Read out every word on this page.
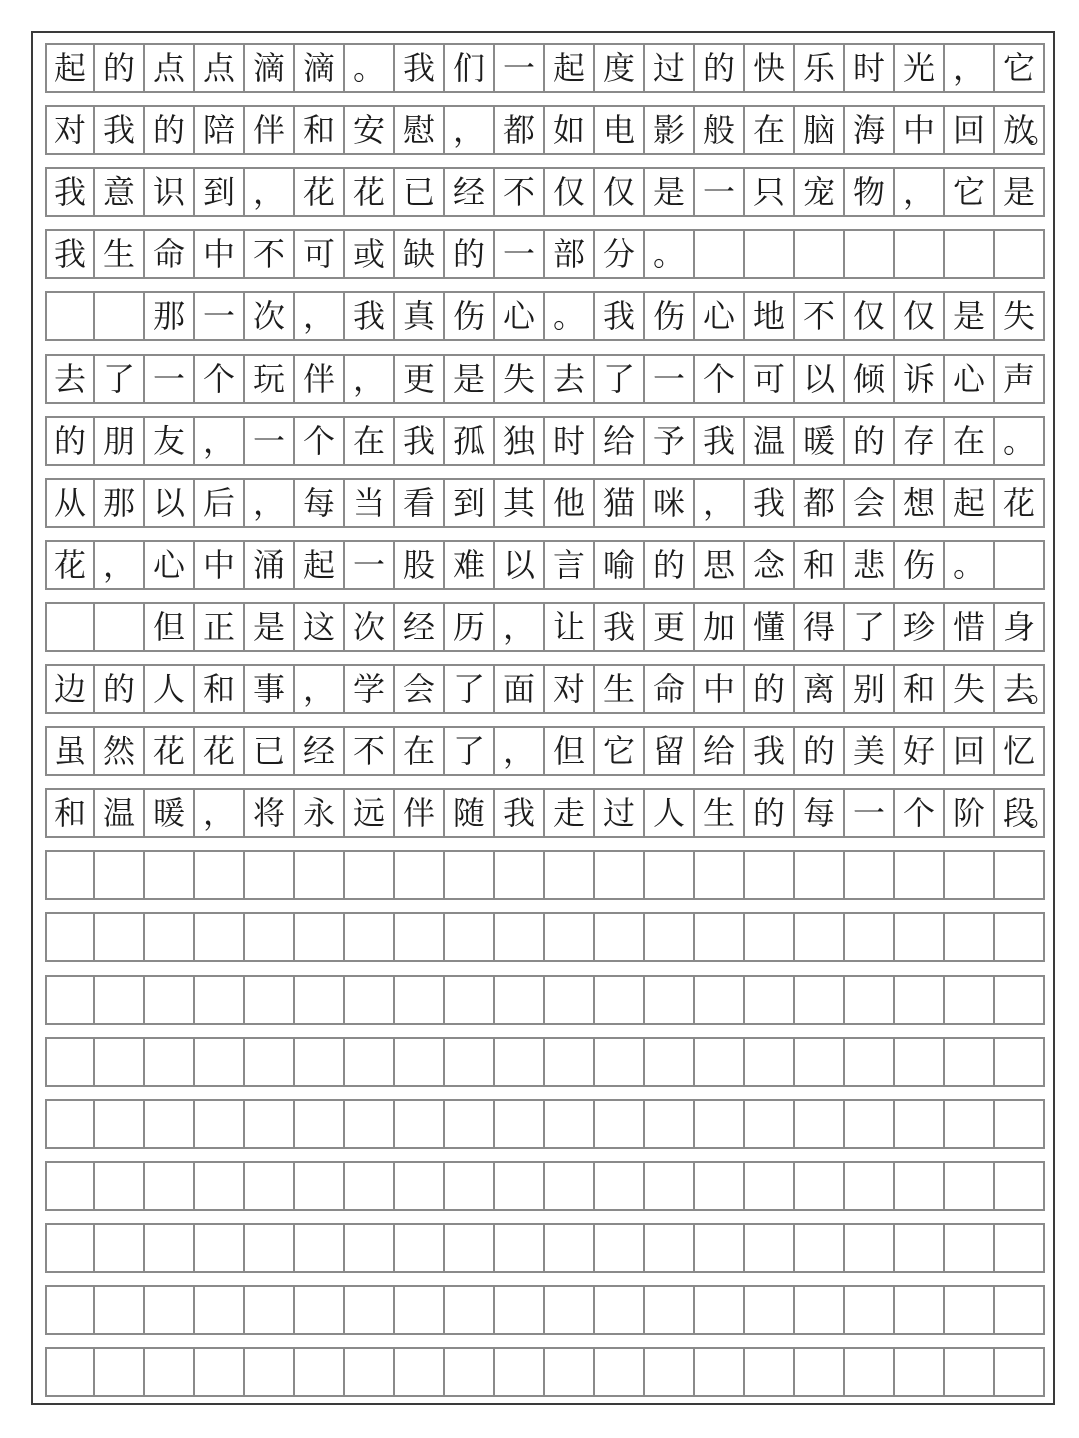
起 的 点 点 滴 滴 。 我 们 一 起 度 过 的 快 乐 时 光 ， 它
对 我 的 陪 伴 和 安 慰 ， 都 如 电 影 般 在 脑 海 中 回 放
。
我 意 识 到 ， 花 花 已 经 不 仅 仅 是 一 只 宠 物 ， 它 是
我 生 命 中 不 可 或 缺 的 一 部 分 。
那 一 次 ， 我 真 伤 心 。 我 伤 心 地 不 仅 仅 是 失
去 了 一 个 玩 伴 ， 更 是 失 去 了 一 个 可 以 倾 诉 心 声
的 朋 友 ， 一 个 在 我 孤 独 时 给 予 我 温 暖 的 存 在 。
从 那 以 后 ， 每 当 看 到 其 他 猫 咪 ， 我 都 会 想 起 花
花 ， 心 中 涌 起 一 股 难 以 言 喻 的 思 念 和 悲 伤 。
但 正 是 这 次 经 历 ， 让 我 更 加 懂 得 了 珍 惜 身
边 的 人 和 事 ， 学 会 了 面 对 生 命 中 的 离 别 和 失 去
。
虽 然 花 花 已 经 不 在 了 ， 但 它 留 给 我 的 美 好 回 忆
和 温 暖 ， 将 永 远 伴 随 我 走 过 人 生 的 每 一 个 阶 段
。
